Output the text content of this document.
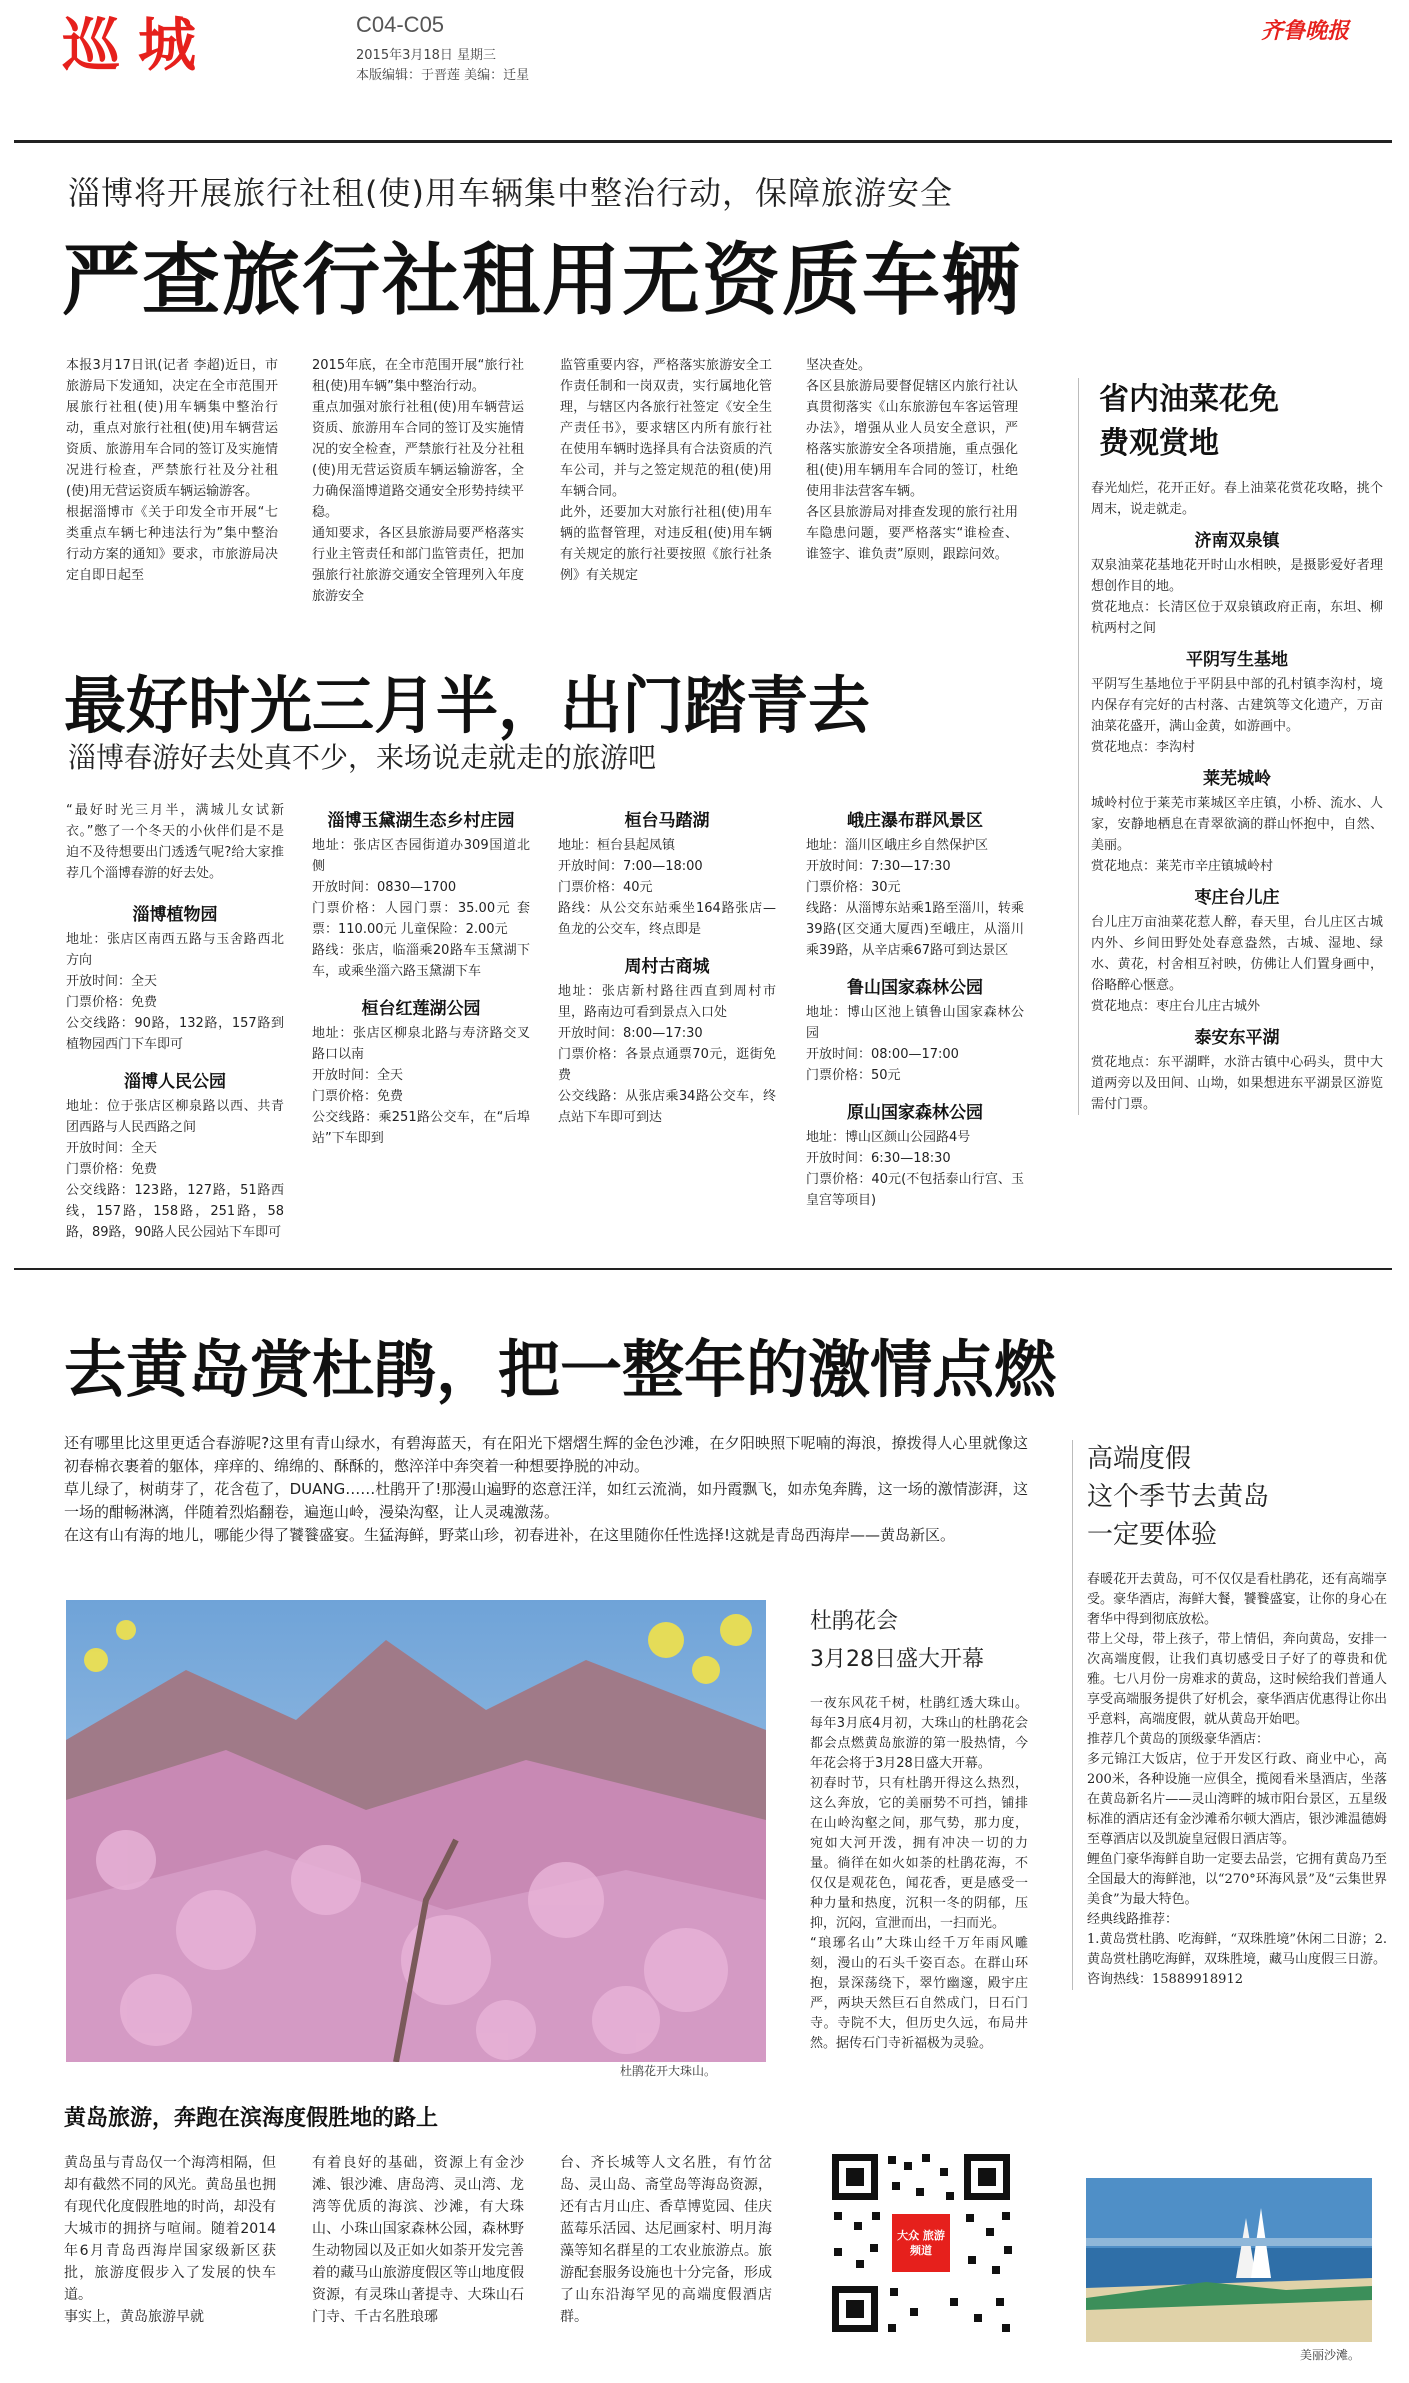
巡城	C04-C05
2015年3月18日 星期三
本版编辑：于晋莲 美编：迁星
齐鲁晚报
淄博将开展旅行社租(使)用车辆集中整治行动，保障旅游安全
严查旅行社租用无资质车辆
本报3月17日讯(记者 李超)近日，市旅游局下发通知，决定在全市范围开展旅行社租(使)用车辆集中整治行动，重点对旅行社租(使)用车辆营运资质、旅游用车合同的签订及实施情况进行检查，严禁旅行社及分社租(使)用无营运资质车辆运输游客。
根据淄博市《关于印发全市开展“七类重点车辆七种违法行为”集中整治行动方案的通知》要求，市旅游局决定自即日起至
2015年底，在全市范围开展“旅行社租(使)用车辆”集中整治行动。
重点加强对旅行社租(使)用车辆营运资质、旅游用车合同的签订及实施情况的安全检查，严禁旅行社及分社租(使)用无营运资质车辆运输游客，全力确保淄博道路交通安全形势持续平稳。
通知要求，各区县旅游局要严格落实行业主管责任和部门监管责任，把加强旅行社旅游交通安全管理列入年度旅游安全
监管重要内容，严格落实旅游安全工作责任制和一岗双责，实行属地化管理，与辖区内各旅行社签定《安全生产责任书》，要求辖区内所有旅行社在使用车辆时选择具有合法资质的汽车公司，并与之签定规范的租(使)用车辆合同。
此外，还要加大对旅行社租(使)用车辆的监督管理，对违反租(使)用车辆有关规定的旅行社要按照《旅行社条例》有关规定
坚决查处。
各区县旅游局要督促辖区内旅行社认真贯彻落实《山东旅游包车客运管理办法》，增强从业人员安全意识，严格落实旅游安全各项措施，重点强化租(使)用车辆用车合同的签订，杜绝使用非法营客车辆。
各区县旅游局对排查发现的旅行社用车隐患问题，要严格落实“谁检查、谁签字、谁负责”原则，跟踪问效。
省内油菜花免费观赏地
春光灿烂，花开正好。春上油菜花赏花攻略，挑个周末，说走就走。
济南双泉镇
双泉油菜花基地花开时山水相映，是摄影爱好者理想创作目的地。
赏花地点：长清区位于双泉镇政府正南，东坦、柳杭两村之间
平阴写生基地
平阴写生基地位于平阴县中部的孔村镇李沟村，境内保存有完好的古村落、古建筑等文化遗产，万亩油菜花盛开，满山金黄，如游画中。
赏花地点：李沟村
莱芜城岭
城岭村位于莱芜市莱城区辛庄镇，小桥、流水、人家，安静地栖息在青翠欲滴的群山怀抱中，自然、美丽。
赏花地点：莱芜市辛庄镇城岭村
枣庄台儿庄
台儿庄万亩油菜花惹人醉，春天里，台儿庄区古城内外、乡间田野处处春意盎然，古城、湿地、绿水、黄花，村舍相互衬映，仿佛让人们置身画中，俗略醉心惬意。
赏花地点：枣庄台儿庄古城外
泰安东平湖
赏花地点：东平湖畔，水浒古镇中心码头，贯中大道两旁以及田间、山坳，如果想进东平湖景区游览需付门票。
最好时光三月半，出门踏青去
淄博春游好去处真不少，来场说走就走的旅游吧
“最好时光三月半，满城儿女试新衣。”憋了一个冬天的小伙伴们是不是迫不及待想要出门透透气呢?给大家推荐几个淄博春游的好去处。
淄博植物园
地址：张店区南西五路与玉舍路西北方向
开放时间：全天
门票价格：免费
公交线路：90路，132路，157路到植物园西门下车即可
淄博人民公园
地址：位于张店区柳泉路以西、共青团西路与人民西路之间
开放时间：全天
门票价格：免费
公交线路：123路，127路，51路西线，157路，158路，251路，58路，89路，90路人民公园站下车即可
淄博玉黛湖生态乡村庄园
地址：张店区杏园街道办309国道北侧
开放时间：0830—1700
门票价格：人园门票：35.00元 套票：110.00元 儿童保险：2.00元
路线：张店，临淄乘20路车玉黛湖下车，或乘坐淄六路玉黛湖下车
桓台红莲湖公园
地址：张店区柳泉北路与寿济路交叉路口以南
开放时间：全天
门票价格：免费
公交线路：乘251路公交车，在“后埠站”下车即到
桓台马踏湖
地址：桓台县起凤镇
开放时间：7:00—18:00
门票价格：40元
路线：从公交东站乘坐164路张店—鱼龙的公交车，终点即是
周村古商城
地址：张店新村路往西直到周村市里，路南边可看到景点入口处
开放时间：8:00—17:30
门票价格：各景点通票70元，逛街免费
公交线路：从张店乘34路公交车，终点站下车即可到达
峨庄瀑布群风景区
地址：淄川区峨庄乡自然保护区
开放时间：7:30—17:30
门票价格：30元
线路：从淄博东站乘1路至淄川，转乘39路(区交通大厦西)至峨庄，从淄川乘39路，从辛店乘67路可到达景区
鲁山国家森林公园
地址：博山区池上镇鲁山国家森林公园
开放时间：08:00—17:00
门票价格：50元
原山国家森林公园
地址：博山区颜山公园路4号
开放时间：6:30—18:30
门票价格：40元(不包括泰山行宫、玉皇宫等项目)
去黄岛赏杜鹃，把一整年的激情点燃
还有哪里比这里更适合春游呢?这里有青山绿水，有碧海蓝天，有在阳光下熠熠生辉的金色沙滩，在夕阳映照下呢喃的海浪，撩拨得人心里就像这初春棉衣裹着的躯体，痒痒的、绵绵的、酥酥的，憋淬洋中奔突着一种想要挣脱的冲动。
草儿绿了，树萌芽了，花含苞了，DUANG……杜鹃开了!那漫山遍野的恣意汪洋，如红云流淌，如丹霞飘飞，如赤兔奔腾，这一场的激情澎湃，这一场的酣畅淋漓，伴随着烈焰翻卷，遍迤山岭，漫染沟壑，让人灵魂激荡。
在这有山有海的地儿，哪能少得了饕餮盛宴。生猛海鲜，野菜山珍，初春进补，在这里随你任性选择!这就是青岛西海岸——黄岛新区。
杜鹃花开大珠山。
杜鹃花会
3月28日盛大开幕
一夜东风花千树，杜鹃红透大珠山。每年3月底4月初，大珠山的杜鹃花会都会点燃黄岛旅游的第一股热情，今年花会将于3月28日盛大开幕。
初春时节，只有杜鹃开得这么热烈，这么奔放，它的美丽势不可挡，铺排在山岭沟壑之间，那气势，那力度，宛如大河开泼，拥有冲决一切的力量。徜徉在如火如荼的杜鹃花海，不仅仅是观花色，闻花香，更是感受一种力量和热度，沉积一冬的阴郁，压抑，沉闷，宣泄而出，一扫而光。
“琅琊名山”大珠山经千万年雨风雕刻，漫山的石头千姿百态。在群山环抱，景深荡绕下，翠竹幽邃，殿宇庄严，两块天然巨石自然成门，日石门寺。寺院不大，但历史久远，布局井然。据传石门寺祈福极为灵验。
黄岛旅游，奔跑在滨海度假胜地的路上
黄岛虽与青岛仅一个海湾相隔，但却有截然不同的风光。黄岛虽也拥有现代化度假胜地的时尚，却没有大城市的拥挤与喧闹。随着2014年6月青岛西海岸国家级新区获批，旅游度假步入了发展的快车道。
事实上，黄岛旅游早就
有着良好的基础，资源上有金沙滩、银沙滩、唐岛湾、灵山湾、龙湾等优质的海滨、沙滩，有大珠山、小珠山国家森林公园，森林野生动物园以及正如火如荼开发完善着的藏马山旅游度假区等山地度假资源，有灵珠山著提寺、大珠山石门寺、千古名胜琅琊
台、齐长城等人文名胜，有竹岔岛、灵山岛、斋堂岛等海岛资源，还有古月山庄、香草博览园、佳庆蓝莓乐活园、达尼画家村、明月海藻等知名群星的工农业旅游点。旅游配套服务设施也十分完备，形成了山东沿海罕见的高端度假酒店群。
大众 旅游频道
高端度假
这个季节去黄岛
一定要体验
春暖花开去黄岛，可不仅仅是看杜鹃花，还有高端享受。豪华酒店，海鲜大餐，饕餮盛宴，让你的身心在奢华中得到彻底放松。
带上父母，带上孩子，带上情侣，奔向黄岛，安排一次高端度假，让我们真切感受日子好了的尊贵和优雅。七八月份一房难求的黄岛，这时候给我们普通人享受高端服务提供了好机会，豪华酒店优惠得让你出乎意料，高端度假，就从黄岛开始吧。
推荐几个黄岛的顶级豪华酒店：
多元锦江大饭店，位于开发区行政、商业中心，高200米，各种设施一应俱全，揽阅看米垦酒店，坐落在黄岛新名片——灵山湾畔的城市阳台景区，五星级标准的酒店还有金沙滩希尔顿大酒店，银沙滩温德姆至尊酒店以及凯旋皇冠假日酒店等。
鲤鱼门豪华海鲜自助一定要去品尝，它拥有黄岛乃至全国最大的海鲜池，以“270°环海风景”及“云集世界美食”为最大特色。
经典线路推荐：
1.黄岛赏杜鹃、吃海鲜，“双珠胜境”休闲二日游；2.黄岛赏杜鹃吃海鲜，双珠胜境，藏马山度假三日游。
咨询热线：15889918912
美丽沙滩。
